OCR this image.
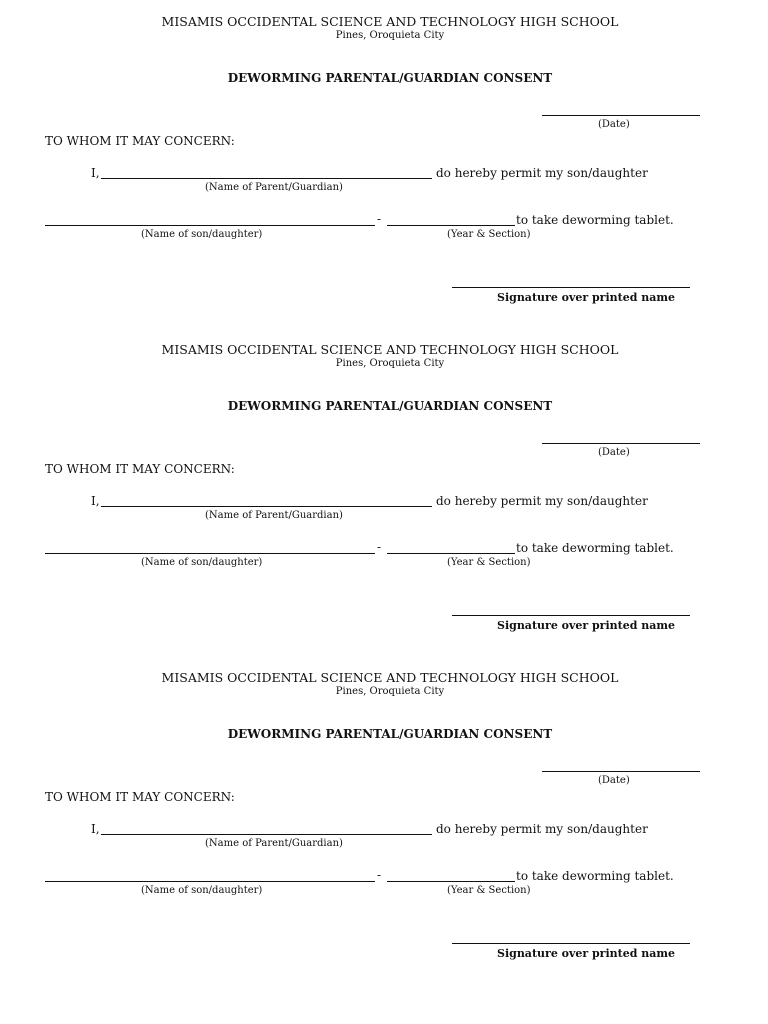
MISAMIS OCCIDENTAL SCIENCE AND TECHNOLOGY HIGH SCHOOL
Pines, Oroquieta City
DEWORMING PARENTAL/GUARDIAN CONSENT
(Date)
TO WHOM IT MAY CONCERN:
I,	do hereby permit my son/daughter
(Name of Parent/Guardian)
-	to take deworming tablet.
(Name of son/daughter)	(Year & Section)
Signature over printed name
MISAMIS OCCIDENTAL SCIENCE AND TECHNOLOGY HIGH SCHOOL
Pines, Oroquieta City
DEWORMING PARENTAL/GUARDIAN CONSENT
(Date)
TO WHOM IT MAY CONCERN:
I,	do hereby permit my son/daughter
(Name of Parent/Guardian)
-	to take deworming tablet.
(Name of son/daughter)	(Year & Section)
Signature over printed name
MISAMIS OCCIDENTAL SCIENCE AND TECHNOLOGY HIGH SCHOOL
Pines, Oroquieta City
DEWORMING PARENTAL/GUARDIAN CONSENT
(Date)
TO WHOM IT MAY CONCERN:
I,	do hereby permit my son/daughter
(Name of Parent/Guardian)
-	to take deworming tablet.
(Name of son/daughter)	(Year & Section)
Signature over printed name
